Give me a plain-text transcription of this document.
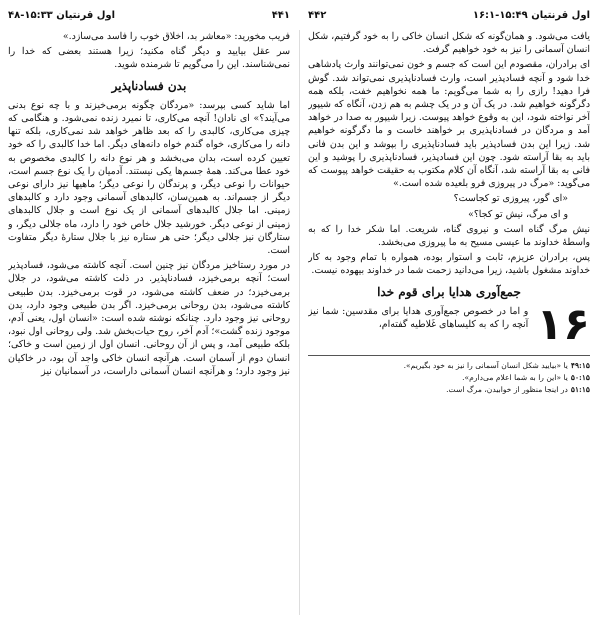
۴۴۱
اول قرنتیان ۱۵:۳۳-۴۸	اول قرنتیان ۱۵:۴۹-۱۶:۱
۴۴۲

فریب مخورید: «معاشر بد، اخلاق خوب را فاسد می‌سازد.»

سر عقل بیایید و دیگر گناه مکنید؛ زیرا هستند بعضی که خدا را نمی‌شناسند. این را می‌گویم تا شرمنده شوید.

بدن فسادناپذیر

اما شاید کسی بپرسد: «مردگان چگونه برمی‌خیزند و با چه نوع بدنی می‌آیند؟» ای نادان! آنچه می‌کاری، تا نمیرد زنده نمی‌شود. و هنگامی که چیزی می‌کاری، کالبدی را که بعد ظاهر خواهد شد نمی‌کاری، بلکه تنها دانه را می‌کاری، خواه گندم خواه دانه‌های دیگر. اما خدا کالبدی را که خود تعیین کرده است، بدان می‌بخشد و هر نوع دانه را کالبدی مخصوص به خود عطا می‌کند. همهٔ جسم‌ها یکی نیستند. آدمیان را یک نوع جسم است، حیوانات را نوعی دیگر، و پرندگان را نوعی دیگر؛ ماهیها نیز دارای نوعی دیگر از جسم‌اند. به همین‌سان، کالبدهای آسمانی وجود دارد و کالبدهای زمینی. اما جلال کالبدهای آسمانی از یک نوع است و جلال کالبدهای زمینی از نوعی دیگر. خورشید جلال خاص خود را دارد، ماه جلالی دیگر، و ستارگان نیز جلالی دیگر؛ حتی هر ستاره نیز با جلال ستارهٔ دیگر متفاوت است.

در مورد رستاخیز مردگان نیز چنین است. آنچه کاشته می‌شود، فسادپذیر است؛ آنچه برمی‌خیزد، فسادناپذیر. در ذلت کاشته می‌شود، در جلال برمی‌خیزد؛ در ضعف کاشته می‌شود، در قوت برمی‌خیزد. بدن طبیعی کاشته می‌شود، بدن روحانی برمی‌خیزد. اگر بدن طبیعی وجود دارد، بدن روحانی نیز وجود دارد. چنانکه نوشته شده است: «انسان اول، یعنی آدم، موجود زنده گشت»؛ آدم آخر، روح حیات‌بخش شد. ولی روحانی اول نبود، بلکه طبیعی آمد، و پس از آن روحانی. انسان اول از زمین است و خاکی؛ انسان دوم از آسمان است. هرآنچه انسان خاکی واجد آن بود، در خاکیان نیز وجود دارد؛ و هرآنچه انسان آسمانی داراست، در آسمانیان نیز

یافت می‌شود. و همان‌گونه که شکل انسان خاکی را به خود گرفتیم، شکل انسان آسمانی را نیز به خود خواهیم گرفت.

ای برادران، مقصودم این است که جسم و خون نمی‌توانند وارث پادشاهی خدا شود و آنچه فسادپذیر است، وارث فسادناپذیری نمی‌تواند شد. گوش فرا دهید! رازی را به شما می‌گویم: ما همه نخواهیم خفت، بلکه همه دگرگونه خواهیم شد. در یک آن و در یک چشم به هم زدن، آنگاه که شیپور آخر نواخته شود، این به وقوع خواهد پیوست. زیرا شیپور به صدا در خواهد آمد و مردگان در فسادناپذیری بر خواهند خاست و ما دگرگونه خواهیم شد. زیرا این بدن فسادپذیر باید فسادناپذیری را بپوشد و این بدن فانی باید به بقا آراسته شود. چون این فسادپذیر، فسادناپذیری را پوشید و این فانی به بقا آراسته شد، آنگاه آن کلام مکتوب به حقیقت خواهد پیوست که می‌گوید: «مرگ در پیروزی فرو بلعیده شده است.»

«ای گور، پیروزی تو کجاست؟

و ای مرگ، نیش تو کجا؟»

نیش مرگ گناه است و نیروی گناه، شریعت. اما شکر خدا را که به واسطهٔ خداوند ما عیسی مسیح به ما پیروزی می‌بخشد.

پس، برادران عزیزم، ثابت و استوار بوده، همواره با تمام وجود به کار خداوند مشغول باشید، زیرا می‌دانید زحمت شما در خداوند بیهوده نیست.

جمع‌آوری هدایا برای قوم خدا
۱۶

و اما در خصوص جمع‌آوری هدایا برای مقدسین: شما نیز آنچه را که به کلیساهای غَلاطیه گفته‌ام،

۴۹:۱۵یا «بیایید شکل انسان آسمانی را نیز به خود بگیریم».
۵۰:۱۵یا «این را به شما اعلام می‌دارم».
۵۱:۱۵در اینجا منظور از خوابیدن، مرگ است.
